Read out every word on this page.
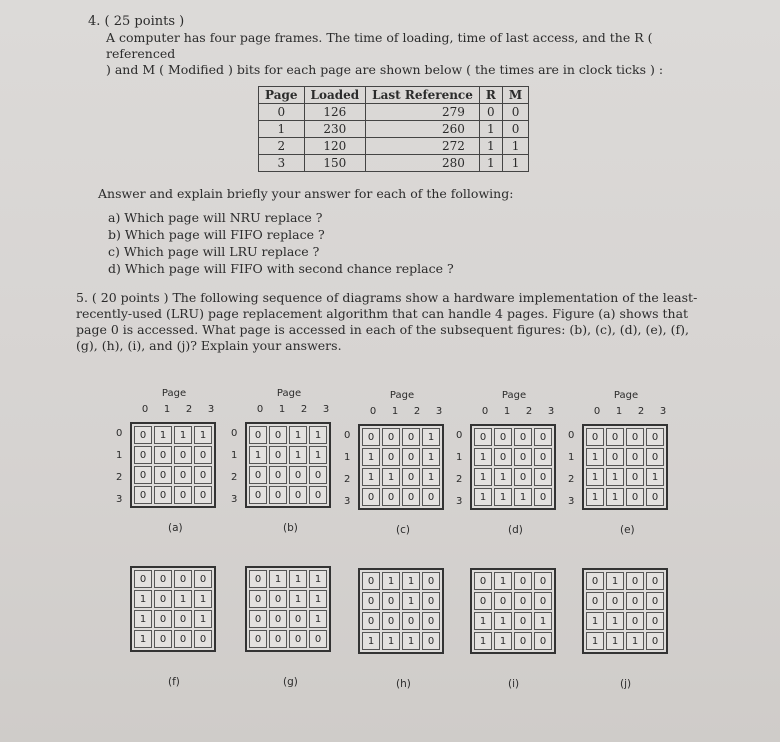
4. ( 25 points )
A computer has four page frames. The time of loading, time of last access, and the R ( referenced
) and M ( Modified ) bits for each page are shown below ( the times are in clock ticks ) :
Page	Loaded	Last Reference	R	M
0	126	279	0	0
1	230	260	1	0
2	120	272	1	1
3	150	280	1	1
Answer and explain briefly your answer for each of the following:
a) Which page will NRU replace ?
b) Which page will FIFO replace ?
c) Which page will LRU replace ?
d) Which page will FIFO with second chance replace ?
5. ( 20 points ) The following sequence of diagrams show a hardware implementation of the least-
recently-used (LRU) page replacement algorithm that can handle 4 pages. Figure (a) shows that
page 0 is accessed. What page is accessed in each of the subsequent figures: (b), (c), (d), (e), (f),
(g), (h), (i), and (j)? Explain your answers.
Page
0	1	2	3
0
1
2
3
0	1	1	1
0	0	0	0
0	0	0	0
0	0	0	0
(a)
Page
0	1	2	3
0
1
2
3
0	0	1	1
1	0	1	1
0	0	0	0
0	0	0	0
(b)
Page
0	1	2	3
0
1
2
3
0	0	0	1
1	0	0	1
1	1	0	1
0	0	0	0
(c)
Page
0	1	2	3
0
1
2
3
0	0	0	0
1	0	0	0
1	1	0	0
1	1	1	0
(d)
Page
0	1	2	3
0
1
2
3
0	0	0	0
1	0	0	0
1	1	0	1
1	1	0	0
(e)
0	0	0	0
1	0	1	1
1	0	0	1
1	0	0	0
(f)
0	1	1	1
0	0	1	1
0	0	0	1
0	0	0	0
(g)
0	1	1	0
0	0	1	0
0	0	0	0
1	1	1	0
(h)
0	1	0	0
0	0	0	0
1	1	0	1
1	1	0	0
(i)
0	1	0	0
0	0	0	0
1	1	0	0
1	1	1	0
(j)
